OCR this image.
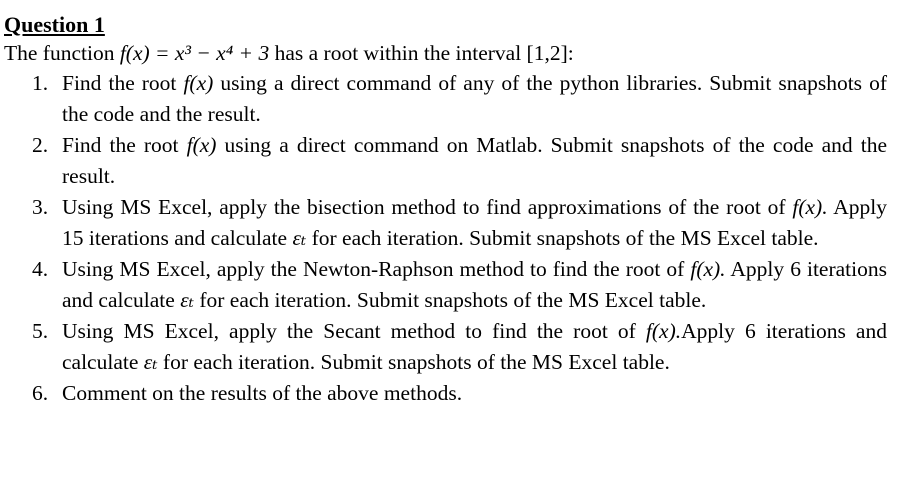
Question 1

The function f(x) = x³ − x⁴ + 3 has a root within the interval [1,2]:

1. Find the root f(x) using a direct command of any of the python libraries. Submit snapshots of the code and the result.
2. Find the root f(x) using a direct command on Matlab. Submit snapshots of the code and the result.
3. Using MS Excel, apply the bisection method to find approximations of the root of f(x). Apply 15 iterations and calculate εₜ for each iteration. Submit snapshots of the MS Excel table.
4. Using MS Excel, apply the Newton-Raphson method to find the root of f(x). Apply 6 iterations and calculate εₜ for each iteration. Submit snapshots of the MS Excel table.
5. Using MS Excel, apply the Secant method to find the root of f(x).Apply 6 iterations and calculate εₜ for each iteration. Submit snapshots of the MS Excel table.
6. Comment on the results of the above methods.
